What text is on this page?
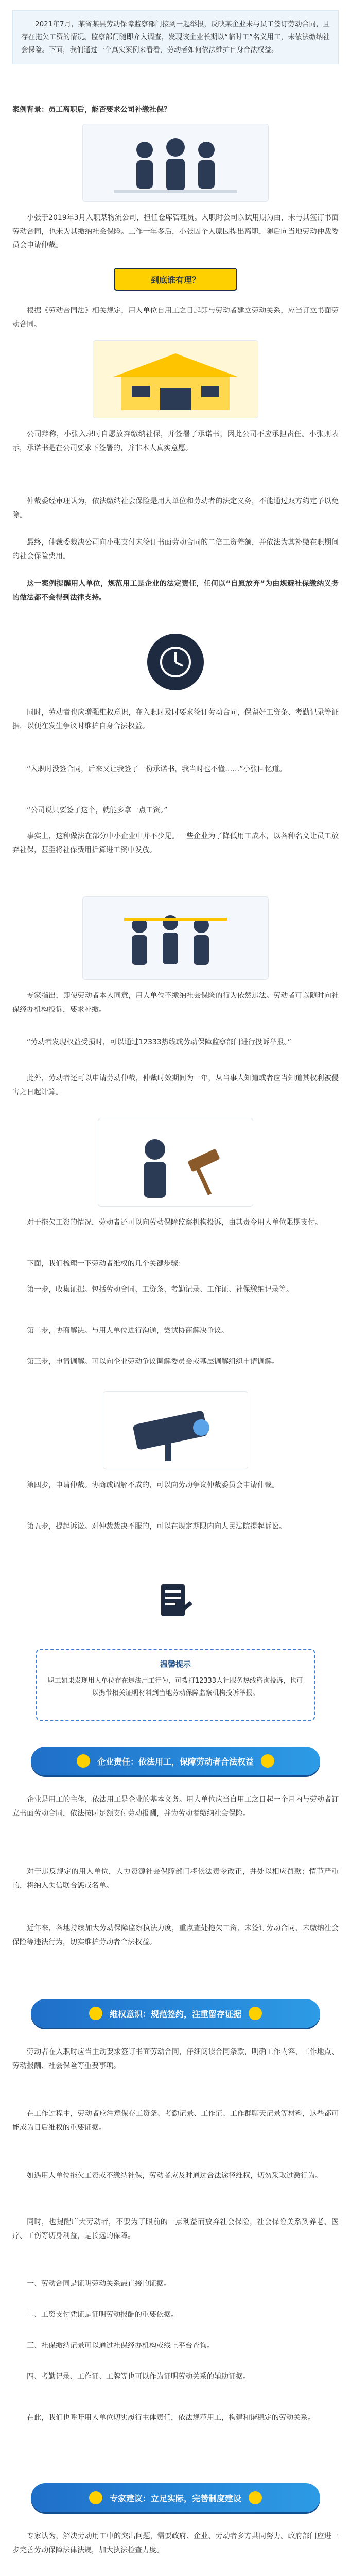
2021年7月，某省某县劳动保障监察部门接到一起举报，反映某企业未与员工签订劳动合同，且存在拖欠工资的情况。监察部门随即介入调查，发现该企业长期以“临时工”名义用工，未依法缴纳社会保险。下面，我们通过一个真实案例来看看，劳动者如何依法维护自身合法权益。

案例背景：员工离职后，能否要求公司补缴社保？

小张于2019年3月入职某物流公司，担任仓库管理员。入职时公司以试用期为由，未与其签订书面劳动合同，也未为其缴纳社会保险。工作一年多后，小张因个人原因提出离职，随后向当地劳动仲裁委员会申请仲裁。

到底谁有理？

根据《劳动合同法》相关规定，用人单位自用工之日起即与劳动者建立劳动关系，应当订立书面劳动合同。

公司辩称，小张入职时自愿放弃缴纳社保，并签署了承诺书，因此公司不应承担责任。小张则表示，承诺书是在公司要求下签署的，并非本人真实意愿。

仲裁委经审理认为，依法缴纳社会保险是用人单位和劳动者的法定义务，不能通过双方约定予以免除。

最终，仲裁委裁决公司向小张支付未签订书面劳动合同的二倍工资差额，并依法为其补缴在职期间的社会保险费用。

这一案例提醒用人单位，规范用工是企业的法定责任，任何以“自愿放弃”为由规避社保缴纳义务的做法都不会得到法律支持。

同时，劳动者也应增强维权意识，在入职时及时要求签订劳动合同，保留好工资条、考勤记录等证据，以便在发生争议时维护自身合法权益。

“入职时没签合同，后来又让我签了一份承诺书，我当时也不懂……”小张回忆道。

“公司说只要签了这个，就能多拿一点工资。”

事实上，这种做法在部分中小企业中并不少见。一些企业为了降低用工成本，以各种名义让员工放弃社保，甚至将社保费用折算进工资中发放。

专家指出，即使劳动者本人同意，用人单位不缴纳社会保险的行为依然违法。劳动者可以随时向社保经办机构投诉，要求补缴。

“劳动者发现权益受损时，可以通过12333热线或劳动保障监察部门进行投诉举报。”

此外，劳动者还可以申请劳动仲裁，仲裁时效期间为一年，从当事人知道或者应当知道其权利被侵害之日起计算。

对于拖欠工资的情况，劳动者还可以向劳动保障监察机构投诉，由其责令用人单位限期支付。

下面，我们梳理一下劳动者维权的几个关键步骤：

第一步，收集证据。包括劳动合同、工资条、考勤记录、工作证、社保缴纳记录等。

第二步，协商解决。与用人单位进行沟通，尝试协商解决争议。

第三步，申请调解。可以向企业劳动争议调解委员会或基层调解组织申请调解。

第四步，申请仲裁。协商或调解不成的，可以向劳动争议仲裁委员会申请仲裁。

第五步，提起诉讼。对仲裁裁决不服的，可以在规定期限内向人民法院提起诉讼。

温馨提示

职工如果发现用人单位存在违法用工行为，可拨打12333人社服务热线咨询投诉，也可以携带相关证明材料到当地劳动保障监察机构投诉举报。

企业责任：依法用工，保障劳动者合法权益

企业是用工的主体，依法用工是企业的基本义务。用人单位应当自用工之日起一个月内与劳动者订立书面劳动合同，依法按时足额支付劳动报酬，并为劳动者缴纳社会保险。

对于违反规定的用人单位，人力资源社会保障部门将依法责令改正，并处以相应罚款；情节严重的，将纳入失信联合惩戒名单。

近年来，各地持续加大劳动保障监察执法力度，重点查处拖欠工资、未签订劳动合同、未缴纳社会保险等违法行为，切实维护劳动者合法权益。

维权意识：规范签约，注重留存证据

劳动者在入职时应当主动要求签订书面劳动合同，仔细阅读合同条款，明确工作内容、工作地点、劳动报酬、社会保险等重要事项。

在工作过程中，劳动者应注意保存工资条、考勤记录、工作证、工作群聊天记录等材料，这些都可能成为日后维权的重要证据。

如遇用人单位拖欠工资或不缴纳社保，劳动者应及时通过合法途径维权，切勿采取过激行为。

同时，也提醒广大劳动者，不要为了眼前的一点利益而放弃社会保险，社会保险关系到养老、医疗、工伤等切身利益，是长远的保障。

一、劳动合同是证明劳动关系最直接的证据。

二、工资支付凭证是证明劳动报酬的重要依据。

三、社保缴纳记录可以通过社保经办机构或线上平台查询。

四、考勤记录、工作证、工牌等也可以作为证明劳动关系的辅助证据。

在此，我们也呼吁用人单位切实履行主体责任，依法规范用工，构建和谐稳定的劳动关系。

专家建议：立足实际，完善制度建设

专家认为，解决劳动用工中的突出问题，需要政府、企业、劳动者多方共同努力。政府部门应进一步完善劳动保障法律法规，加大执法检查力度。
